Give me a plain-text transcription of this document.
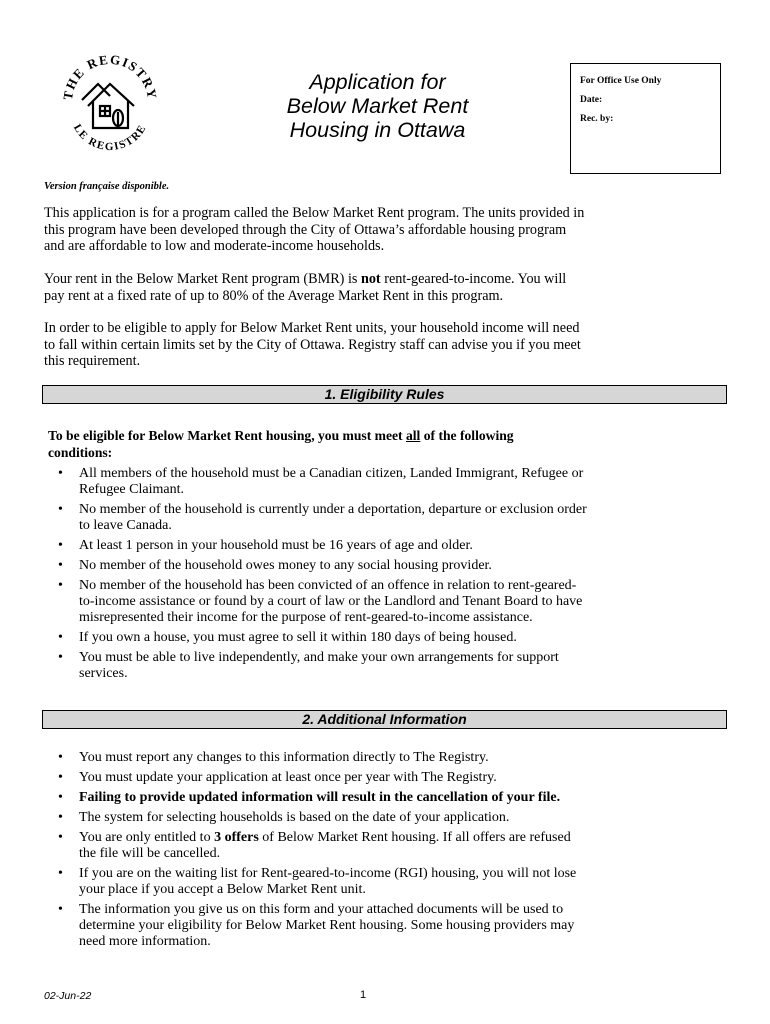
THE REGISTRY
LE REGISTRE
Application for
Below Market Rent
Housing in Ottawa
For Office Use Only
Date:
Rec. by:
Version française disponible.
This application is for a program called the Below Market Rent program. The units provided in
this program have been developed through the City of Ottawa’s affordable housing program
and are affordable to low and moderate-income households.
Your rent in the Below Market Rent program (BMR) is not rent-geared-to-income. You will
pay rent at a fixed rate of up to 80% of the Average Market Rent in this program.
In order to be eligible to apply for Below Market Rent units, your household income will need
to fall within certain limits set by the City of Ottawa. Registry staff can advise you if you meet
this requirement.
1. Eligibility Rules
To be eligible for Below Market Rent housing, you must meet all of the following
conditions:
• All members of the household must be a Canadian citizen, Landed Immigrant, Refugee or
Refugee Claimant.
• No member of the household is currently under a deportation, departure or exclusion order
to leave Canada.
• At least 1 person in your household must be 16 years of age and older.
• No member of the household owes money to any social housing provider.
• No member of the household has been convicted of an offence in relation to rent-geared-
to-income assistance or found by a court of law or the Landlord and Tenant Board to have
misrepresented their income for the purpose of rent-geared-to-income assistance.
• If you own a house, you must agree to sell it within 180 days of being housed.
• You must be able to live independently, and make your own arrangements for support
services.
2. Additional Information
• You must report any changes to this information directly to The Registry.
• You must update your application at least once per year with The Registry.
• Failing to provide updated information will result in the cancellation of your file.
• The system for selecting households is based on the date of your application.
• You are only entitled to 3 offers of Below Market Rent housing. If all offers are refused
the file will be cancelled.
• If you are on the waiting list for Rent-geared-to-income (RGI) housing, you will not lose
your place if you accept a Below Market Rent unit.
• The information you give us on this form and your attached documents will be used to
determine your eligibility for Below Market Rent housing. Some housing providers may
need more information.
02-Jun-22	1
